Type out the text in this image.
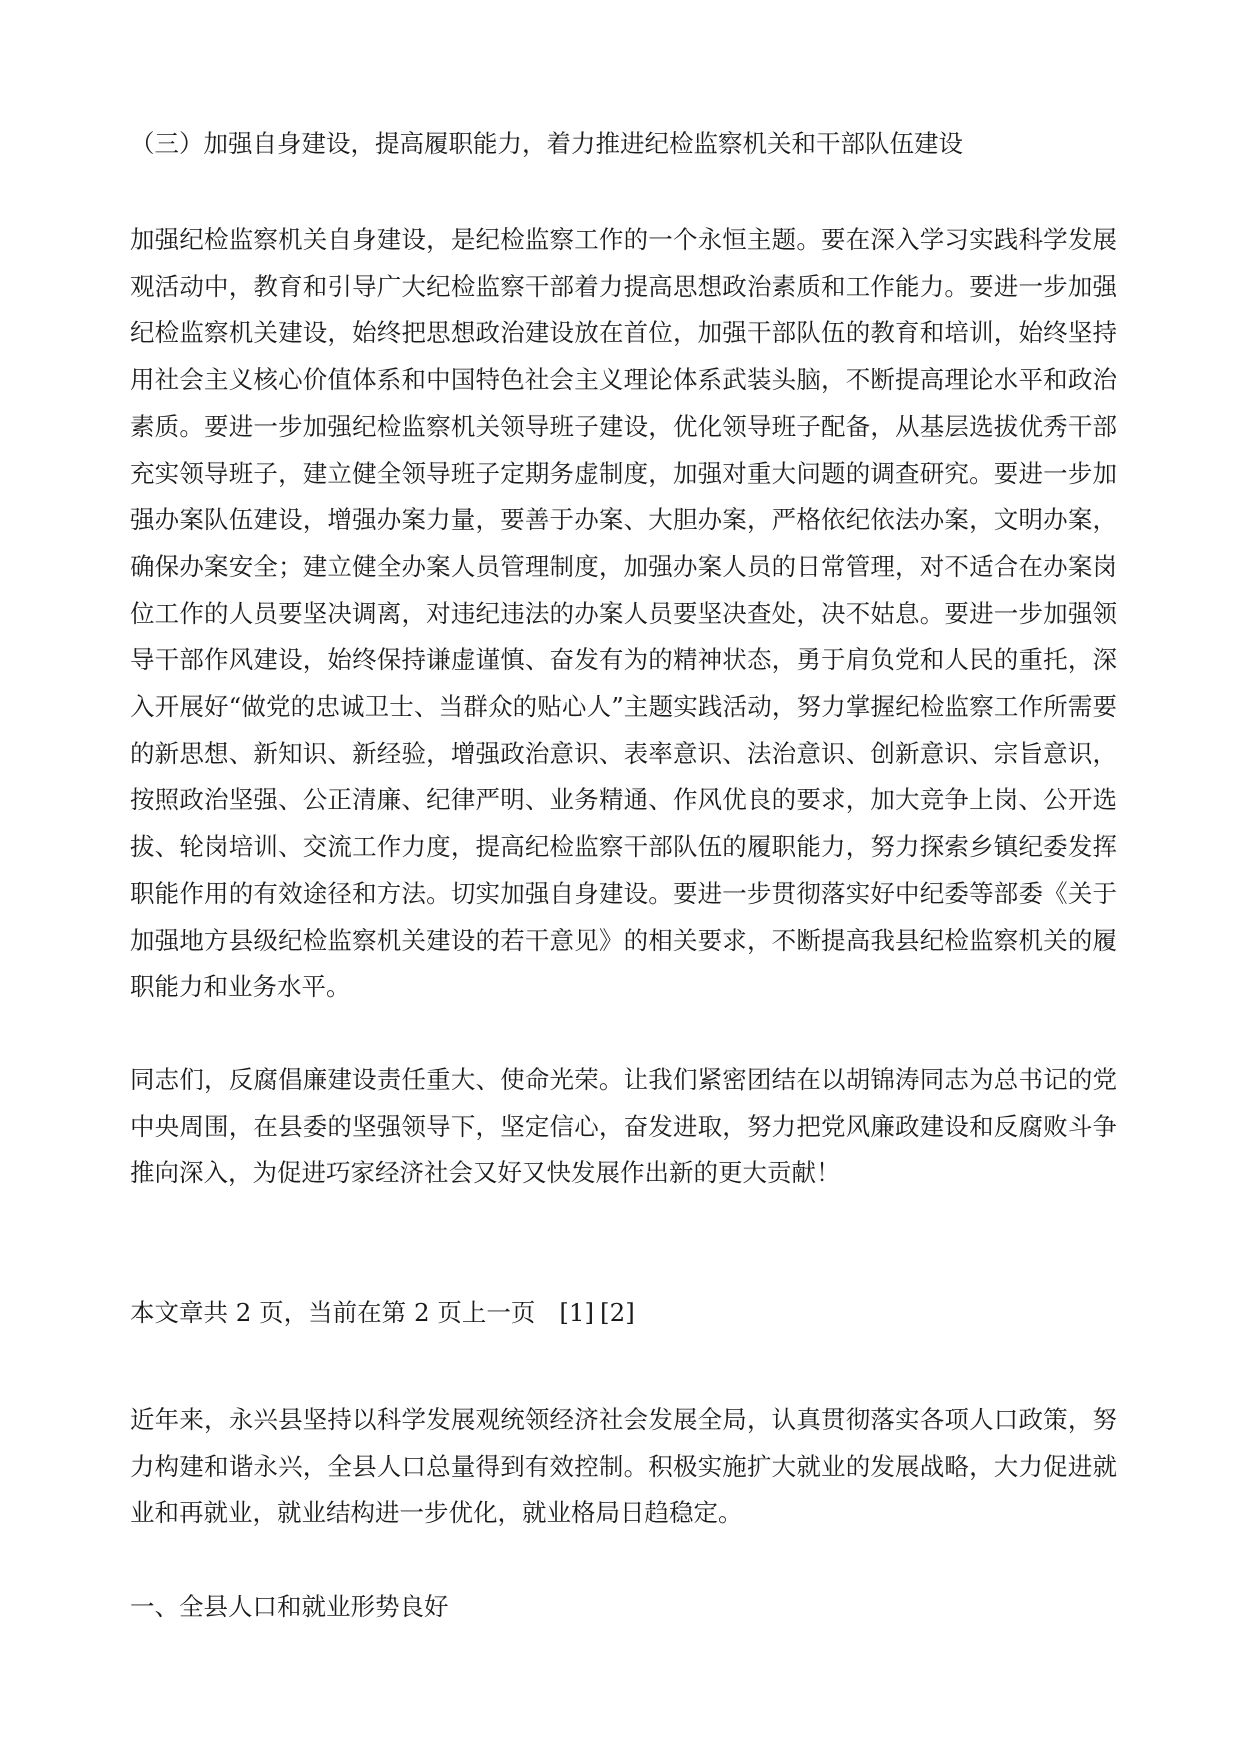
（三）加强自身建设，提高履职能力，着力推进纪检监察机关和干部队伍建设

加强纪检监察机关自身建设，是纪检监察工作的一个永恒主题。要在深入学习实践科学发展观活动中，教育和引导广大纪检监察干部着力提高思想政治素质和工作能力。要进一步加强纪检监察机关建设，始终把思想政治建设放在首位，加强干部队伍的教育和培训，始终坚持用社会主义核心价值体系和中国特色社会主义理论体系武装头脑，不断提高理论水平和政治素质。要进一步加强纪检监察机关领导班子建设，优化领导班子配备，从基层选拔优秀干部充实领导班子，建立健全领导班子定期务虚制度，加强对重大问题的调查研究。要进一步加强办案队伍建设，增强办案力量，要善于办案、大胆办案，严格依纪依法办案，文明办案，确保办案安全；建立健全办案人员管理制度，加强办案人员的日常管理，对不适合在办案岗位工作的人员要坚决调离，对违纪违法的办案人员要坚决查处，决不姑息。要进一步加强领导干部作风建设，始终保持谦虚谨慎、奋发有为的精神状态，勇于肩负党和人民的重托，深入开展好“做党的忠诚卫士、当群众的贴心人”主题实践活动，努力掌握纪检监察工作所需要的新思想、新知识、新经验，增强政治意识、表率意识、法治意识、创新意识、宗旨意识，按照政治坚强、公正清廉、纪律严明、业务精通、作风优良的要求，加大竞争上岗、公开选拔、轮岗培训、交流工作力度，提高纪检监察干部队伍的履职能力，努力探索乡镇纪委发挥职能作用的有效途径和方法。切实加强自身建设。要进一步贯彻落实好中纪委等部委《关于加强地方县级纪检监察机关建设的若干意见》的相关要求，不断提高我县纪检监察机关的履职能力和业务水平。

同志们，反腐倡廉建设责任重大、使命光荣。让我们紧密团结在以胡锦涛同志为总书记的党中央周围，在县委的坚强领导下，坚定信心，奋发进取，努力把党风廉政建设和反腐败斗争推向深入，为促进巧家经济社会又好又快发展作出新的更大贡献！

本文章共 2 页，当前在第 2 页上一页 [1] [2]

近年来，永兴县坚持以科学发展观统领经济社会发展全局，认真贯彻落实各项人口政策，努力构建和谐永兴，全县人口总量得到有效控制。积极实施扩大就业的发展战略，大力促进就业和再就业，就业结构进一步优化，就业格局日趋稳定。

一、全县人口和就业形势良好
